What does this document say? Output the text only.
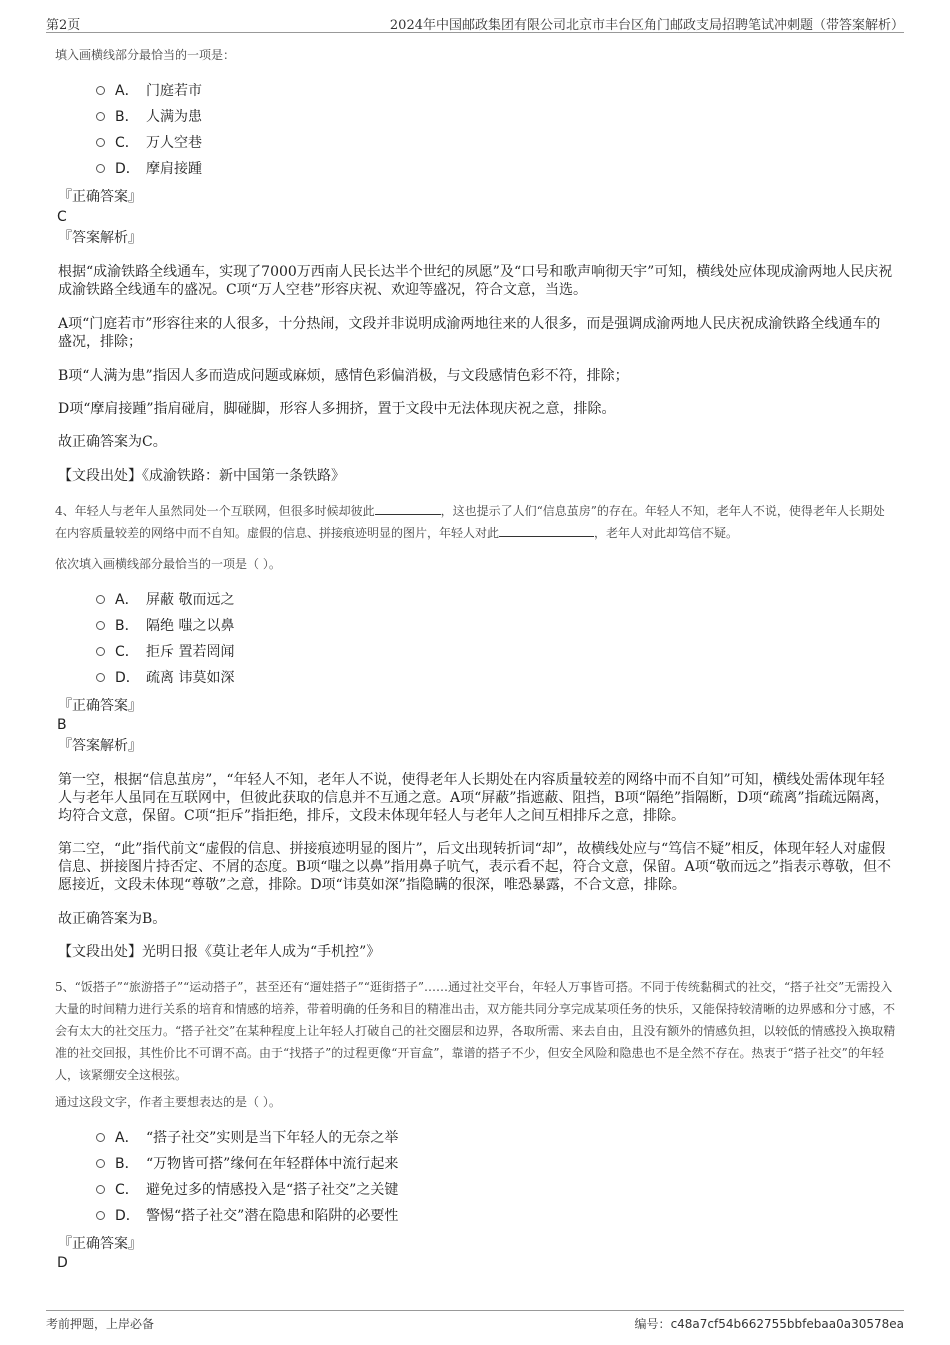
第2页	2024年中国邮政集团有限公司北京市丰台区角门邮政支局招聘笔试冲刺题（带答案解析）
填入画横线部分最恰当的一项是：
A． 门庭若市
B． 人满为患
C． 万人空巷
D． 摩肩接踵
『正确答案』
C
『答案解析』
根据“成渝铁路全线通车，实现了7000万西南人民长达半个世纪的夙愿”及“口号和歌声响彻天宇”可知，横线处应体现成渝两地人民庆祝成渝铁路全线通车的盛况。C项“万人空巷”形容庆祝、欢迎等盛况，符合文意，当选。
A项“门庭若市”形容往来的人很多，十分热闹，文段并非说明成渝两地往来的人很多，而是强调成渝两地人民庆祝成渝铁路全线通车的盛况，排除；
B项“人满为患”指因人多而造成问题或麻烦，感情色彩偏消极，与文段感情色彩不符，排除；
D项“摩肩接踵”指肩碰肩，脚碰脚，形容人多拥挤，置于文段中无法体现庆祝之意，排除。
故正确答案为C。
【文段出处】《成渝铁路：新中国第一条铁路》
4、年轻人与老年人虽然同处一个互联网，但很多时候却彼此	，这也提示了人们“信息茧房”的存在。年轻人不知，老年人不说，使得老年人长期处在内容质量较差的网络中而不自知。虚假的信息、拼接痕迹明显的图片，年轻人对此	，老年人对此却笃信不疑。
依次填入画横线部分最恰当的一项是（ ）。
A． 屏蔽 敬而远之
B． 隔绝 嗤之以鼻
C． 拒斥 置若罔闻
D． 疏离 讳莫如深
『正确答案』
B
『答案解析』
第一空，根据“信息茧房”，“年轻人不知，老年人不说，使得老年人长期处在内容质量较差的网络中而不自知”可知，横线处需体现年轻人与老年人虽同在互联网中，但彼此获取的信息并不互通之意。A项“屏蔽”指遮蔽、阻挡，B项“隔绝”指隔断，D项“疏离”指疏远隔离，均符合文意，保留。C项“拒斥”指拒绝，排斥，文段未体现年轻人与老年人之间互相排斥之意，排除。
第二空，“此”指代前文“虚假的信息、拼接痕迹明显的图片”，后文出现转折词“却”，故横线处应与“笃信不疑”相反，体现年轻人对虚假信息、拼接图片持否定、不屑的态度。B项“嗤之以鼻”指用鼻子吭气，表示看不起，符合文意，保留。A项“敬而远之”指表示尊敬，但不愿接近，文段未体现“尊敬”之意，排除。D项“讳莫如深”指隐瞒的很深，唯恐暴露，不合文意，排除。
故正确答案为B。
【文段出处】光明日报《莫让老年人成为“手机控”》
5、“饭搭子”“旅游搭子”“运动搭子”，甚至还有“遛娃搭子”“逛街搭子”……通过社交平台，年轻人万事皆可搭。不同于传统黏稠式的社交，“搭子社交”无需投入大量的时间精力进行关系的培育和情感的培养，带着明确的任务和目的精准出击，双方能共同分享完成某项任务的快乐，又能保持较清晰的边界感和分寸感，不会有太大的社交压力。“搭子社交”在某种程度上让年轻人打破自己的社交圈层和边界，各取所需、来去自由，且没有额外的情感负担，以较低的情感投入换取精准的社交回报，其性价比不可谓不高。由于“找搭子”的过程更像“开盲盒”，靠谱的搭子不少，但安全风险和隐患也不是全然不存在。热衷于“搭子社交”的年轻人，该紧绷安全这根弦。
通过这段文字，作者主要想表达的是（ ）。
A． “搭子社交”实则是当下年轻人的无奈之举
B． “万物皆可搭”缘何在年轻群体中流行起来
C． 避免过多的情感投入是“搭子社交”之关键
D． 警惕“搭子社交”潜在隐患和陷阱的必要性
『正确答案』
D
考前押题，上岸必备	编号：c48a7cf54b662755bbfebaa0a30578ea
